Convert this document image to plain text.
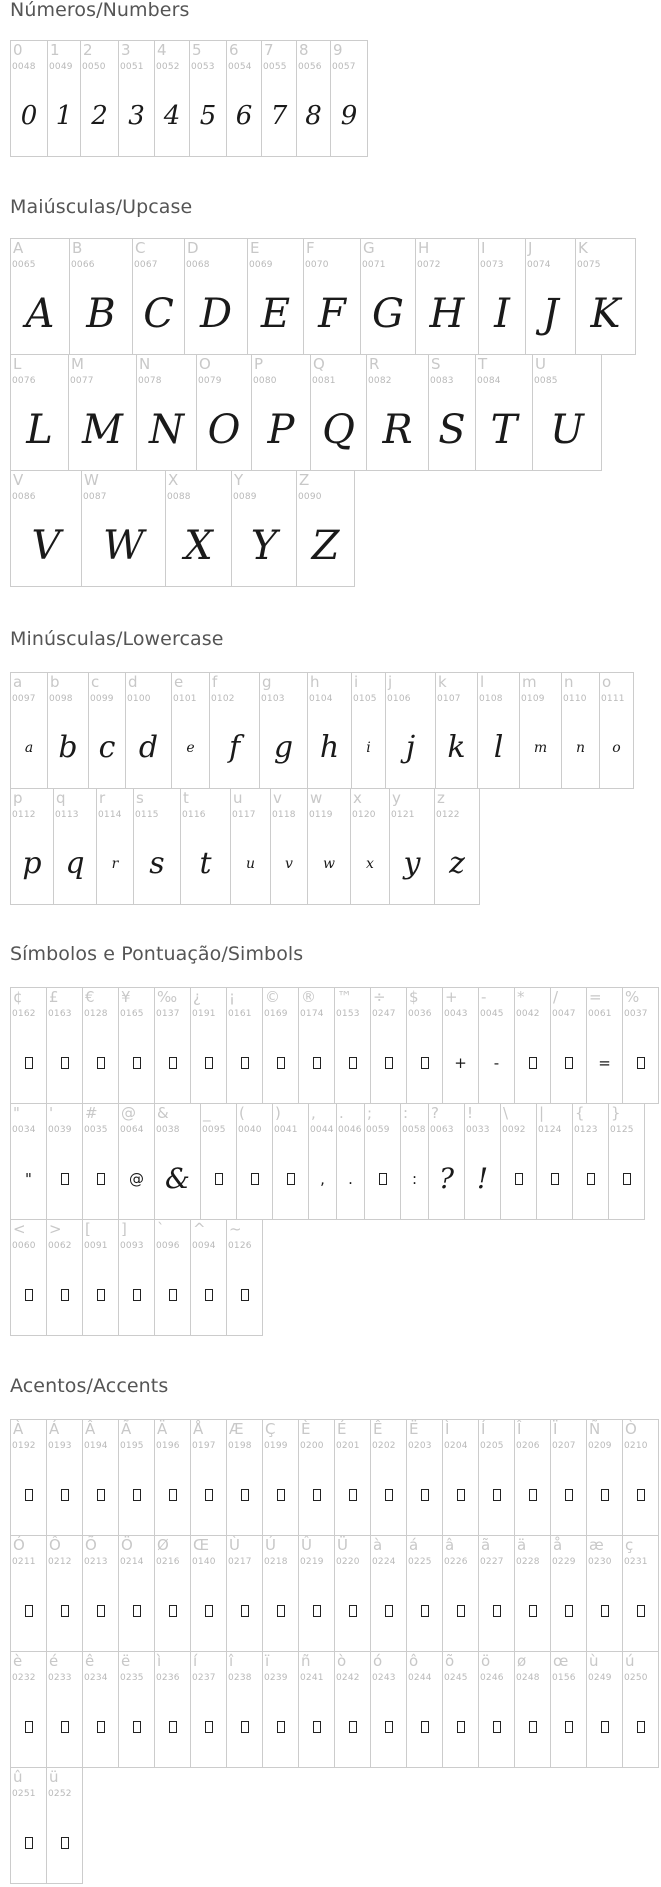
Números/Numbers
0
0048
0
1
0049
1
2
0050
2
3
0051
3
4
0052
4
5
0053
5
6
0054
6
7
0055
7
8
0056
8
9
0057
9
Maiúsculas/Upcase
A
0065
A
B
0066
B
C
0067
C
D
0068
D
E
0069
E
F
0070
F
G
0071
G
H
0072
H
I
0073
I
J
0074
J
K
0075
K
L
0076
L
M
0077
M
N
0078
N
O
0079
O
P
0080
P
Q
0081
Q
R
0082
R
S
0083
S
T
0084
T
U
0085
U
V
0086
V
W
0087
W
X
0088
X
Y
0089
Y
Z
0090
Z
Minúsculas/Lowercase
a
0097
a
b
0098
b
c
0099
c
d
0100
d
e
0101
e
f
0102
f
g
0103
g
h
0104
h
i
0105
i
j
0106
j
k
0107
k
l
0108
l
m
0109
m
n
0110
n
o
0111
o
p
0112
p
q
0113
q
r
0114
r
s
0115
s
t
0116
t
u
0117
u
v
0118
v
w
0119
w
x
0120
x
y
0121
y
z
0122
z
Símbolos e Pontuação/Simbols
¢
0162
£
0163
€
0128
¥
0165
‰
0137
¿
0191
¡
0161
©
0169
®
0174
™
0153
÷
0247
$
0036
+
0043
+
-
0045
-
*
0042
/
0047
=
0061
=
%
0037
"
0034
"
'
0039
#
0035
@
0064
@
&
0038
&
_
0095
(
0040
)
0041
,
0044
,
.
0046
.
;
0059
:
0058
:
?
0063
?
!
0033
!
\
0092
|
0124
{
0123
}
0125
<
0060
>
0062
[
0091
]
0093
`
0096
^
0094
~
0126
Acentos/Accents
À
0192
Á
0193
Â
0194
Ã
0195
Ä
0196
Å
0197
Æ
0198
Ç
0199
È
0200
É
0201
Ê
0202
Ë
0203
Ì
0204
Í
0205
Î
0206
Ï
0207
Ñ
0209
Ò
0210
Ó
0211
Ô
0212
Õ
0213
Ö
0214
Ø
0216
Œ
0140
Ù
0217
Ú
0218
Û
0219
Ü
0220
à
0224
á
0225
â
0226
ã
0227
ä
0228
å
0229
æ
0230
ç
0231
è
0232
é
0233
ê
0234
ë
0235
ì
0236
í
0237
î
0238
ï
0239
ñ
0241
ò
0242
ó
0243
ô
0244
õ
0245
ö
0246
ø
0248
œ
0156
ù
0249
ú
0250
û
0251
ü
0252
